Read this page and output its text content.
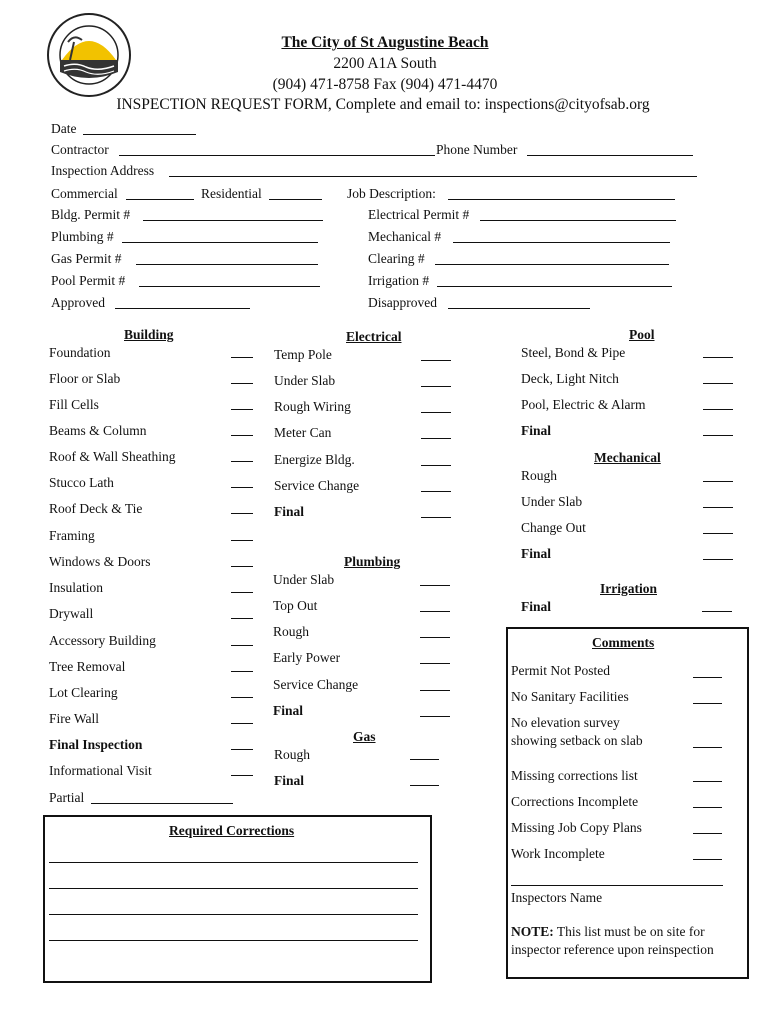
The City of St Augustine Beach
2200 A1A South
(904) 471-8758 Fax (904) 471-4470
INSPECTION REQUEST FORM, Complete and email to: inspections@cityofsab.org
Date
Contractor	Phone Number
Inspection Address
Commercial	Residential	Job Description:
Bldg. Permit #	Electrical Permit #
Plumbing #	Mechanical #
Gas Permit #	Clearing #
Pool Permit #	Irrigation #
Approved	Disapproved
Building
Foundation
Floor or Slab
Fill Cells
Beams & Column
Roof & Wall Sheathing
Stucco Lath
Roof Deck & Tie
Framing
Windows & Doors
Insulation
Drywall
Accessory Building
Tree Removal
Lot Clearing
Fire Wall
Final Inspection
Informational Visit
Partial
Electrical
Temp Pole
Under Slab
Rough Wiring
Meter Can
Energize Bldg.
Service Change
Final
Plumbing
Under Slab
Top Out
Rough
Early Power
Service Change
Final
Gas
Rough
Final
Pool
Steel, Bond & Pipe
Deck, Light Nitch
Pool, Electric & Alarm
Final
Mechanical
Rough
Under Slab
Change Out
Final
Irrigation
Final
Comments
Permit Not Posted
No Sanitary Facilities
No elevation survey
showing setback on slab
Missing corrections list
Corrections Incomplete
Missing Job Copy Plans
Work Incomplete
Inspectors Name
NOTE: This list must be on site for
inspector reference upon reinspection
Required Corrections
